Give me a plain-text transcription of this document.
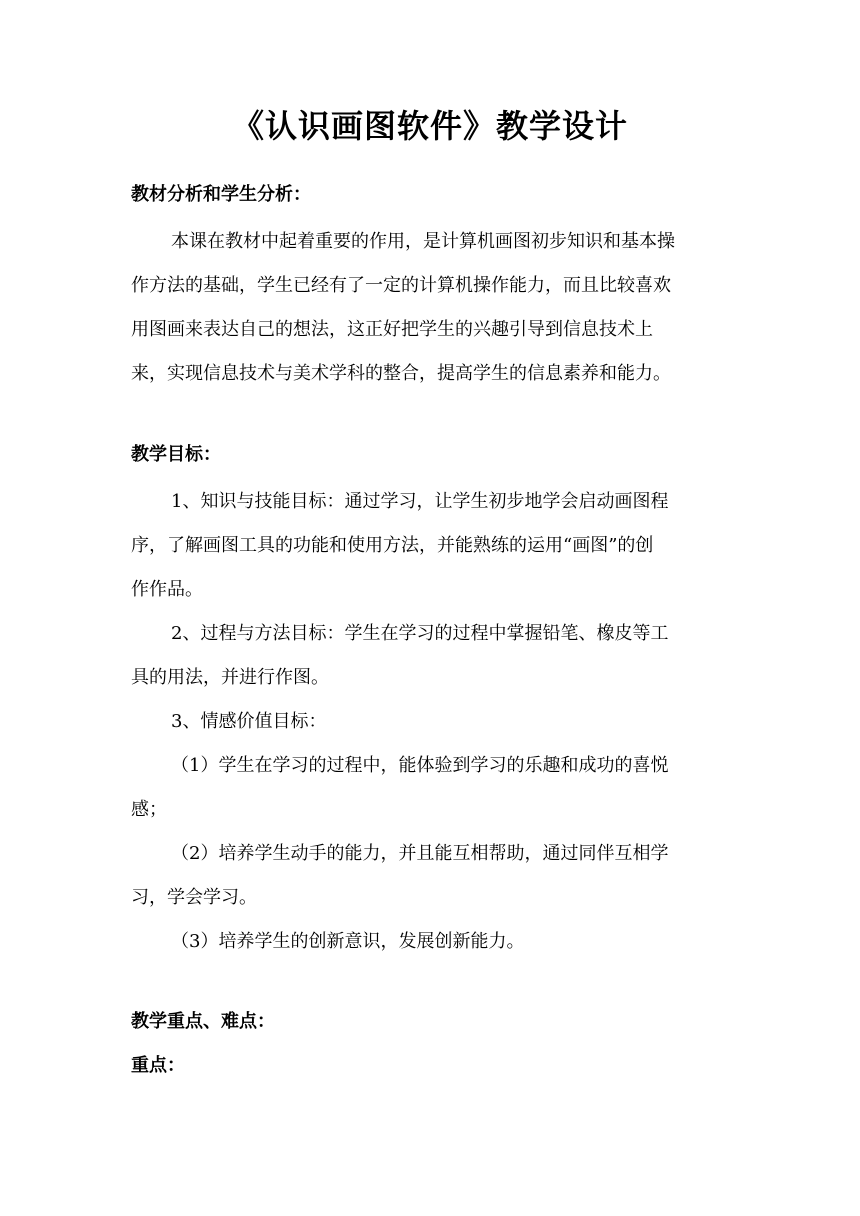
《认识画图软件》教学设计
教材分析和学生分析：
本课在教材中起着重要的作用，是计算机画图初步知识和基本操
作方法的基础，学生已经有了一定的计算机操作能力，而且比较喜欢
用图画来表达自己的想法，这正好把学生的兴趣引导到信息技术上
来，实现信息技术与美术学科的整合，提高学生的信息素养和能力。
教学目标：
1、知识与技能目标：通过学习，让学生初步地学会启动画图程
序，了解画图工具的功能和使用方法，并能熟练的运用“画图”的创
作作品。
2、过程与方法目标：学生在学习的过程中掌握铅笔、橡皮等工
具的用法，并进行作图。
3、情感价值目标：
（1）学生在学习的过程中，能体验到学习的乐趣和成功的喜悦
感；
（2）培养学生动手的能力，并且能互相帮助，通过同伴互相学
习，学会学习。
（3）培养学生的创新意识，发展创新能力。
教学重点、难点：
重点：
